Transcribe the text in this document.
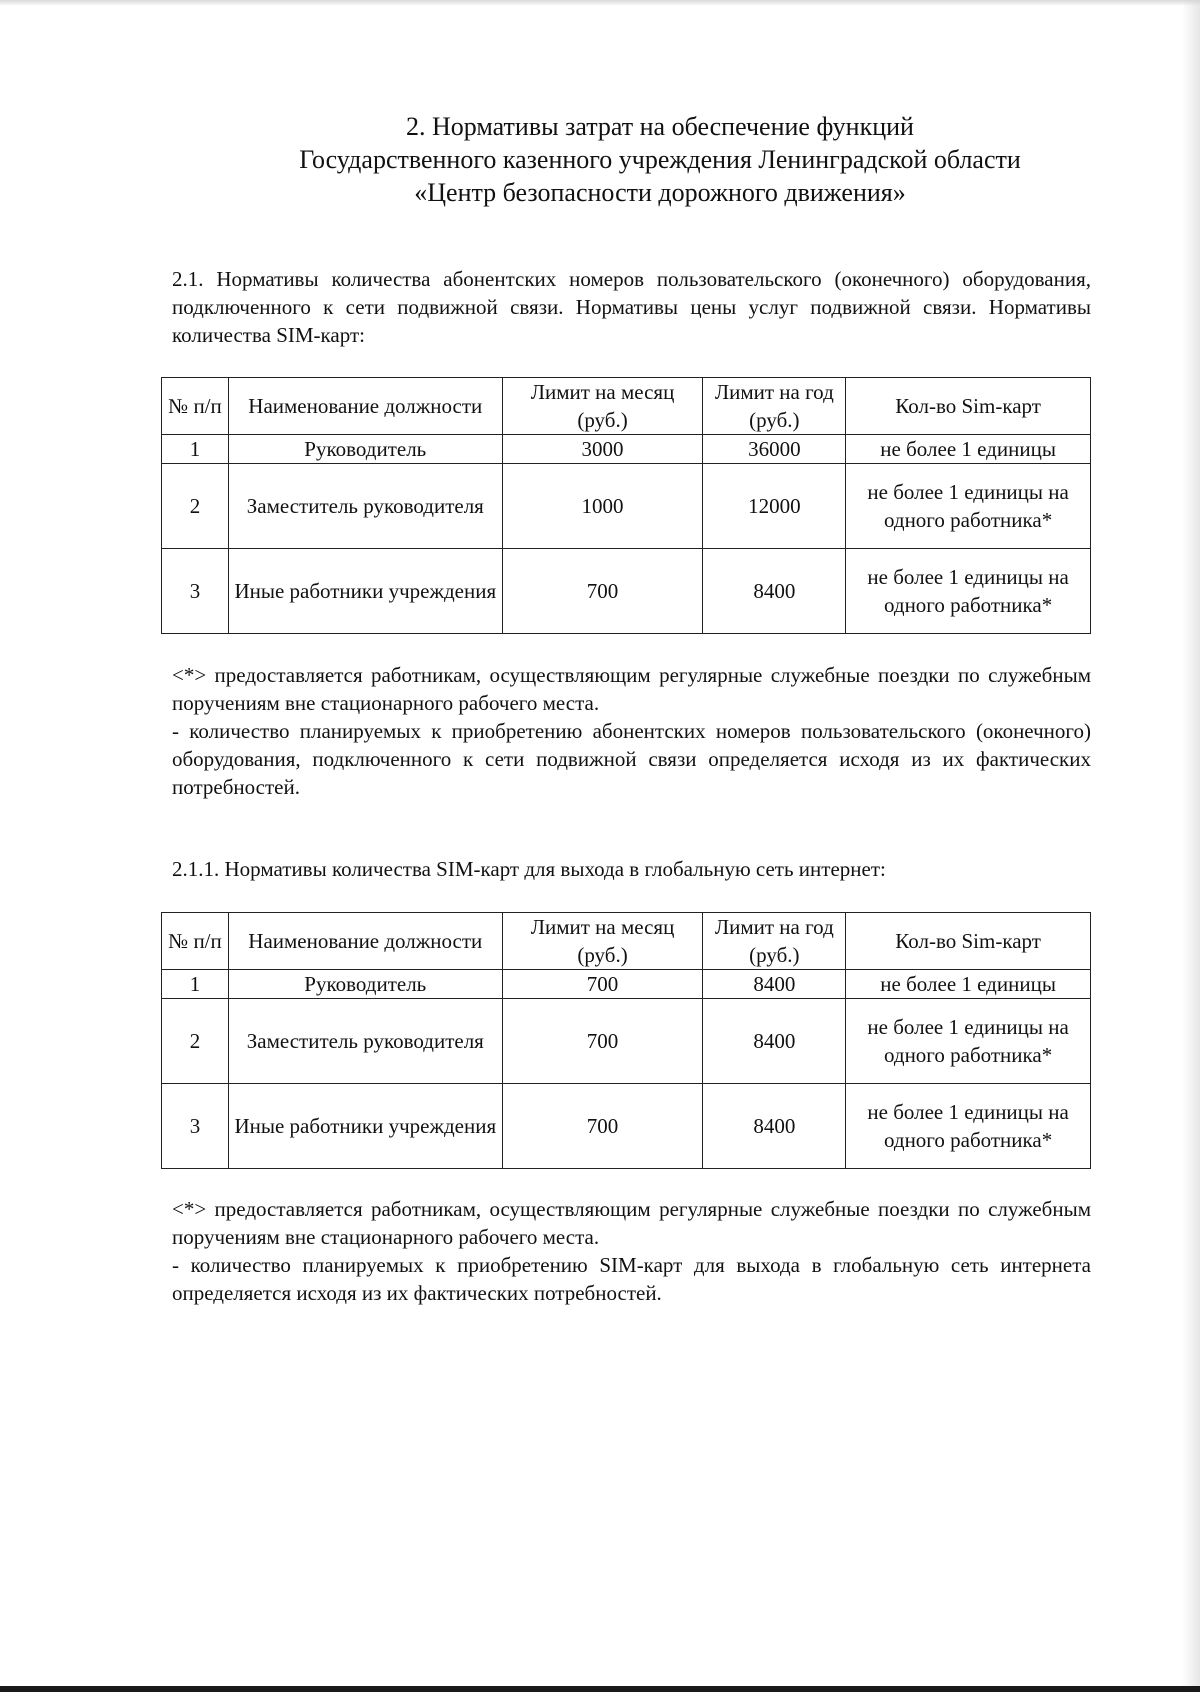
2. Нормативы затрат на обеспечение функций
Государственного казенного учреждения Ленинградской области
«Центр безопасности дорожного движения»

2.1. Нормативы количества абонентских номеров пользовательского (оконечного) оборудования, подключенного к сети подвижной связи. Нормативы цены услуг подвижной связи. Нормативы количества SIM-карт:

№ п/п	Наименование должности	Лимит на месяц (руб.)	Лимит на год (руб.)	Кол-во Sim-карт
1	Руководитель	3000	36000	не более 1 единицы
2	Заместитель руководителя	1000	12000	не более 1 единицы на одного работника*
3	Иные работники учреждения	700	8400	не более 1 единицы на одного работника*

<*> предоставляется работникам, осуществляющим регулярные служебные поездки по служебным поручениям вне стационарного рабочего места.

- количество планируемых к приобретению абонентских номеров пользовательского (оконечного) оборудования, подключенного к сети подвижной связи определяется исходя из их фактических потребностей.

2.1.1. Нормативы количества SIM-карт для выхода в глобальную сеть интернет:

№ п/п	Наименование должности	Лимит на месяц (руб.)	Лимит на год (руб.)	Кол-во Sim-карт
1	Руководитель	700	8400	не более 1 единицы
2	Заместитель руководителя	700	8400	не более 1 единицы на одного работника*
3	Иные работники учреждения	700	8400	не более 1 единицы на одного работника*

<*> предоставляется работникам, осуществляющим регулярные служебные поездки по служебным поручениям вне стационарного рабочего места.

- количество планируемых к приобретению SIM-карт для выхода в глобальную сеть интернета определяется исходя из их фактических потребностей.
